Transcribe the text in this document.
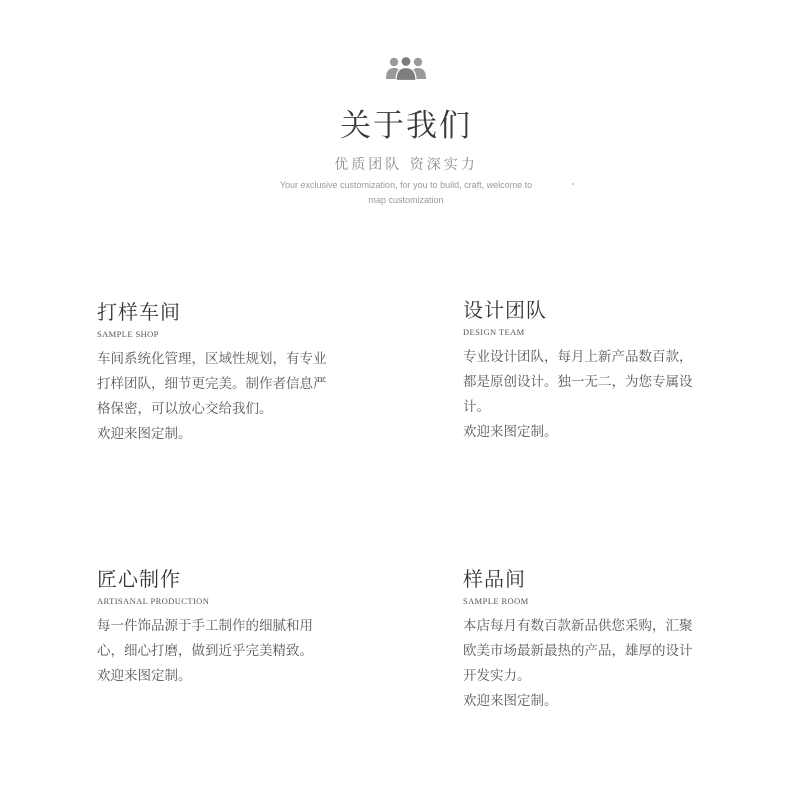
关于我们
优质团队 资深实力
Your exclusive customization, for you to build, craft, welcome to map customization
打样车间
SAMPLE SHOP

车间系统化管理，区域性规划，有专业打样团队，细节更完美。制作者信息严格保密，可以放心交给我们。

欢迎来图定制。

设计团队
DESIGN TEAM

专业设计团队，每月上新产品数百款，都是原创设计。独一无二，为您专属设计。

欢迎来图定制。

匠心制作
ARTISANAL PRODUCTION

每一件饰品源于手工制作的细腻和用心，细心打磨，做到近乎完美精致。

欢迎来图定制。

样品间
SAMPLE ROOM

本店每月有数百款新品供您采购，汇聚欧美市场最新最热的产品，雄厚的设计开发实力。

欢迎来图定制。
